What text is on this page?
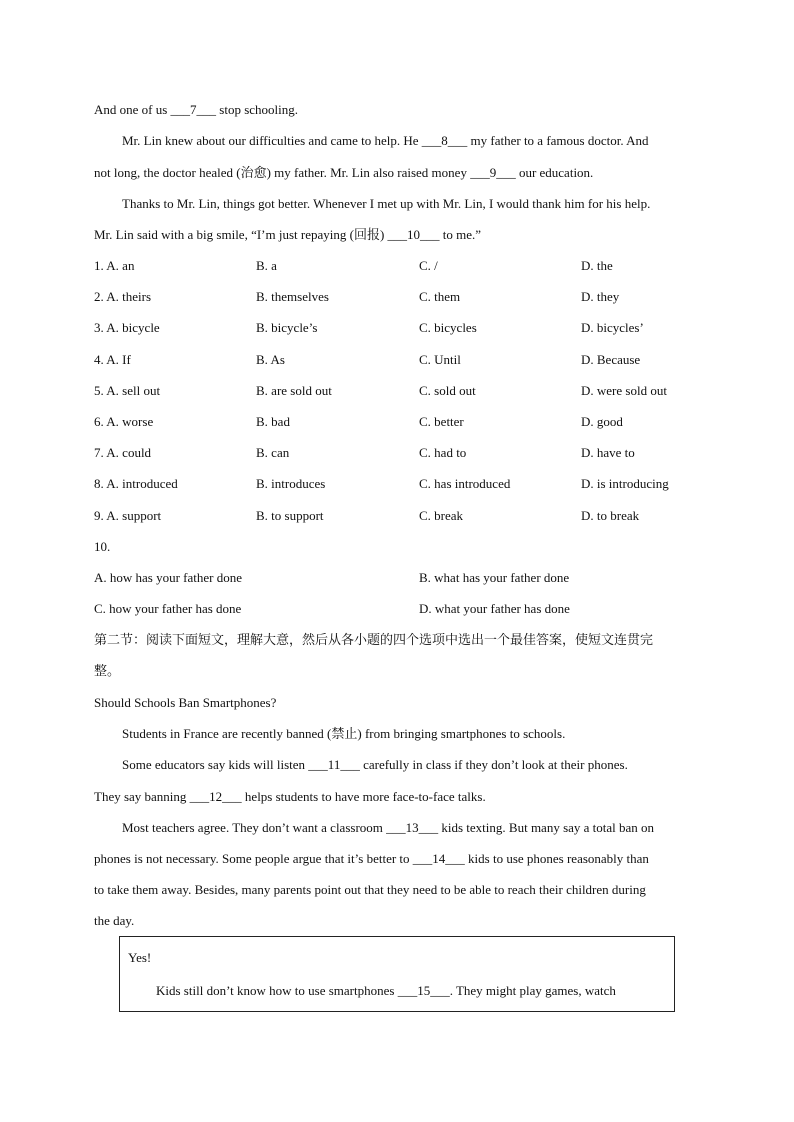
And one of us ___7___ stop schooling.
Mr. Lin knew about our difficulties and came to help. He ___8___ my father to a famous doctor. And
not long, the doctor healed (治愈) my father. Mr. Lin also raised money ___9___ our education.
Thanks to Mr. Lin, things got better. Whenever I met up with Mr. Lin, I would thank him for his help.
Mr. Lin said with a big smile, “I’m just repaying (回报) ___10___ to me.”
1. A. an	B. a	C. /	D. the
2. A. theirs	B. themselves	C. them	D. they
3. A. bicycle	B. bicycle’s	C. bicycles	D. bicycles’
4. A. If	B. As	C. Until	D. Because
5. A. sell out	B. are sold out	C. sold out	D. were sold out
6. A. worse	B. bad	C. better	D. good
7. A. could	B. can	C. had to	D. have to
8. A. introduced	B. introduces	C. has introduced	D. is introducing
9. A. support	B. to support	C. break	D. to break
10.
A. how has your father done	B. what has your father done
C. how your father has done	D. what your father has done
第二节：阅读下面短文，理解大意，然后从各小题的四个选项中选出一个最佳答案，使短文连贯完
整。
Should Schools Ban Smartphones?
Students in France are recently banned (禁止) from bringing smartphones to schools.
Some educators say kids will listen ___11___ carefully in class if they don’t look at their phones.
They say banning ___12___ helps students to have more face-to-face talks.
Most teachers agree. They don’t want a classroom ___13___ kids texting. But many say a total ban on
phones is not necessary. Some people argue that it’s better to ___14___ kids to use phones reasonably than
to take them away. Besides, many parents point out that they need to be able to reach their children during
the day.
Yes!
Kids still don’t know how to use smartphones ___15___. They might play games, watch
